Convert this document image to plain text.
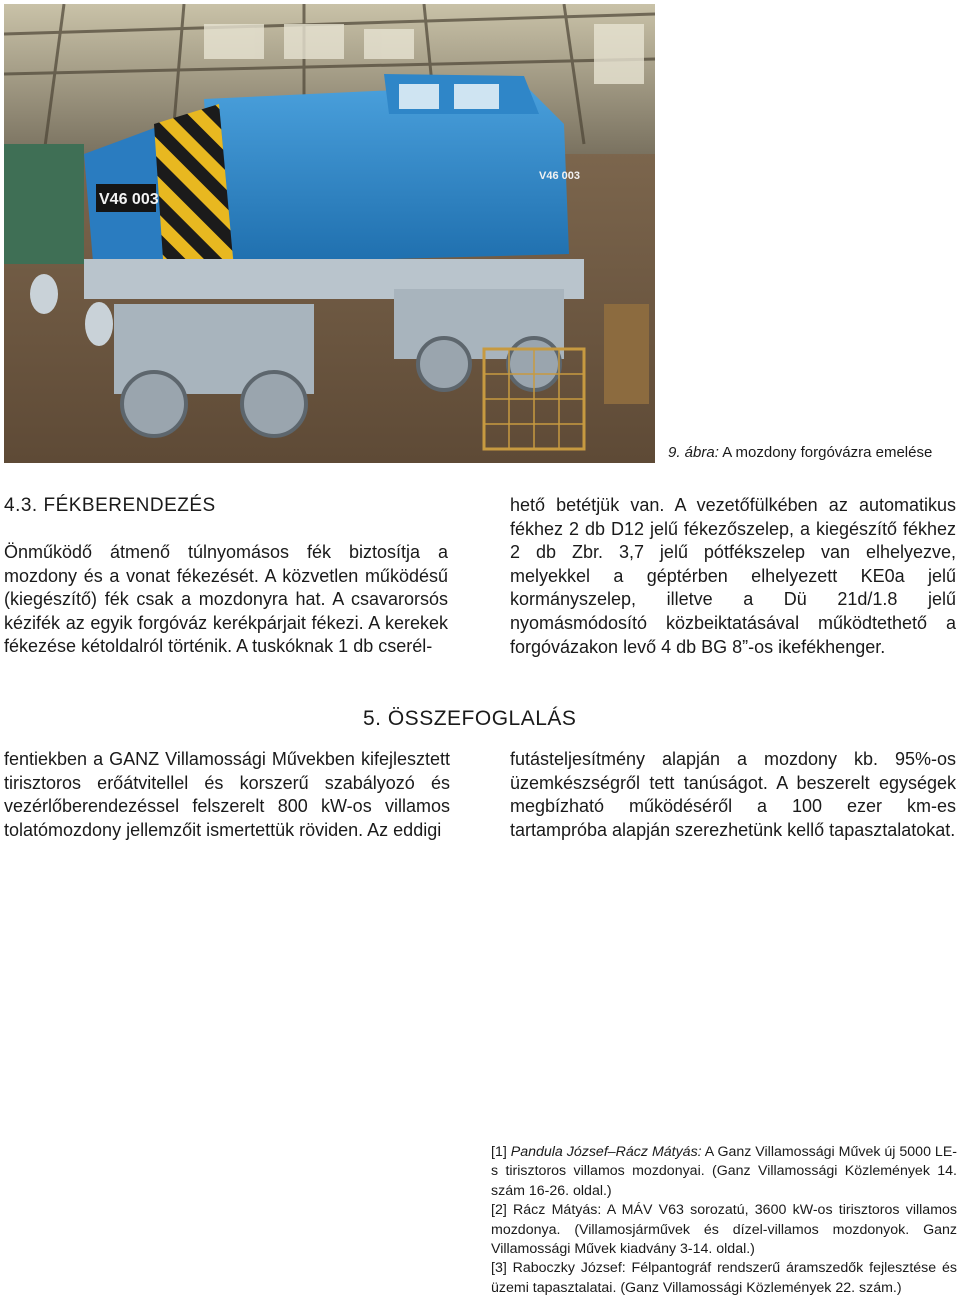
V46 003
V46 003
9. ábra: A mozdony forgóvázra emelése
4.3. FÉKBERENDEZÉS

Önműködő átmenő túlnyomásos fék biztosítja a mozdony és a vonat fékezését. A közvetlen működésű (kiegészítő) fék csak a mozdonyra hat. A csavarorsós kézifék az egyik forgóváz kerékpárjait fékezi. A kerekek fékezése kétoldalról történik. A tuskóknak 1 db cserél-

hető betétjük van. A vezetőfülkében az automatikus fékhez 2 db D12 jelű fékezőszelep, a kiegészítő fékhez 2 db Zbr. 3,7 jelű pótfékszelep van elhelyezve, melyekkel a géptérben elhelyezett KE0a jelű kormányszelep, illetve a Dü 21d/1.8 jelű nyomásmódosító közbeiktatásával működtethető a forgóvázakon levő 4 db BG 8”-os ikefékhenger.

5. ÖSSZEFOGLALÁS

fentiekben a GANZ Villamossági Művekben kifejlesztett tirisztoros erőátvitellel és korszerű szabályozó és vezérlőberendezéssel felszerelt 800 kW-os villamos tolatómozdony jellemzőit ismertettük röviden. Az eddigi

futásteljesítmény alapján a mozdony kb. 95%-os üzemkészségről tett tanúságot. A beszerelt egységek megbízható működéséről a 100 ezer km-es tartampróba alapján szerezhetünk kellő tapasztalatokat.

[1] Pandula József–Rácz Mátyás: A Ganz Villamossági Művek új 5000 LE-s tirisztoros villamos mozdonyai. (Ganz Villamossági Közlemények 14. szám 16-26. oldal.)

[2] Rácz Mátyás: A MÁV V63 sorozatú, 3600 kW-os tirisztoros villamos mozdonya. (Villamosjárművek és dízel-villamos mozdonyok. Ganz Villamossági Művek kiadvány 3-14. oldal.)

[3] Raboczky József: Félpantográf rendszerű áramszedők fejlesztése és üzemi tapasztalatai. (Ganz Villamossági Közlemények 22. szám.)
